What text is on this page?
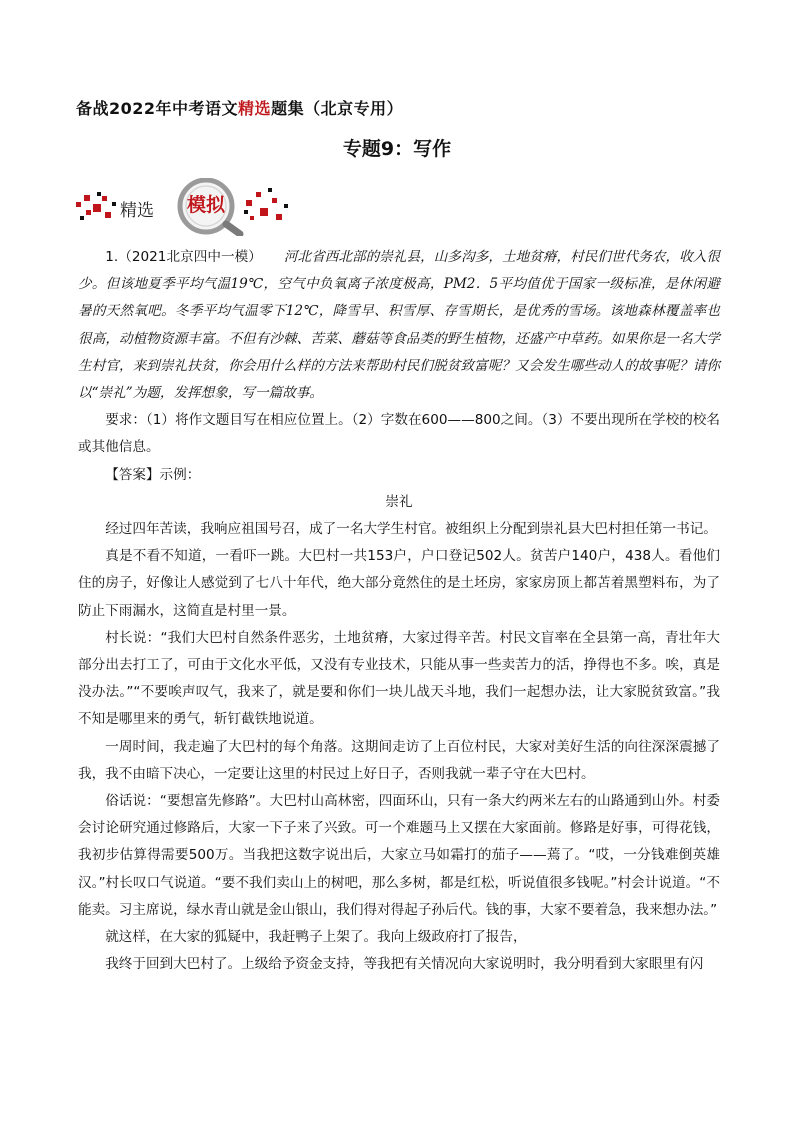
备战2022年中考语文精选题集（北京专用）
专题9：写作
精选	模拟

1.（2021北京四中一模） 河北省西北部的崇礼县，山多沟多，土地贫瘠，村民们世代务农，收入很少。但该地夏季平均气温19℃，空气中负氧离子浓度极高，PM2．5平均值优于国家一级标准，是休闲避暑的天然氧吧。冬季平均气温零下12℃，降雪早、积雪厚、存雪期长，是优秀的雪场。该地森林覆盖率也很高，动植物资源丰富。不但有沙棘、苦菜、蘑菇等食品类的野生植物，还盛产中草药。如果你是一名大学生村官，来到崇礼扶贫，你会用什么样的方法来帮助村民们脱贫致富呢？又会发生哪些动人的故事呢？请你以“崇礼”为题，发挥想象，写一篇故事。

要求：（1）将作文题目写在相应位置上。（2）字数在600——800之间。（3）不要出现所在学校的校名或其他信息。

【答案】示例：

崇礼

经过四年苦读，我响应祖国号召，成了一名大学生村官。被组织上分配到崇礼县大巴村担任第一书记。

真是不看不知道，一看吓一跳。大巴村一共153户，户口登记502人。贫苦户140户，438人。看他们住的房子，好像让人感觉到了七八十年代，绝大部分竟然住的是土坯房，家家房顶上都苫着黑塑料布，为了防止下雨漏水，这简直是村里一景。

村长说：“我们大巴村自然条件恶劣，土地贫瘠，大家过得辛苦。村民文盲率在全县第一高，青壮年大部分出去打工了，可由于文化水平低，又没有专业技术，只能从事一些卖苦力的活，挣得也不多。唉，真是没办法。”“不要唉声叹气，我来了，就是要和你们一块儿战天斗地，我们一起想办法，让大家脱贫致富。”我不知是哪里来的勇气，斩钉截铁地说道。

一周时间，我走遍了大巴村的每个角落。这期间走访了上百位村民，大家对美好生活的向往深深震撼了我，我不由暗下决心，一定要让这里的村民过上好日子，否则我就一辈子守在大巴村。

俗话说：“要想富先修路”。大巴村山高林密，四面环山，只有一条大约两米左右的山路通到山外。村委会讨论研究通过修路后，大家一下子来了兴致。可一个难题马上又摆在大家面前。修路是好事，可得花钱，我初步估算得需要500万。当我把这数字说出后，大家立马如霜打的茄子——蔫了。“哎，一分钱难倒英雄汉。”村长叹口气说道。“要不我们卖山上的树吧，那么多树，都是红松，听说值很多钱呢。”村会计说道。“不能卖。习主席说，绿水青山就是金山银山，我们得对得起子孙后代。钱的事，大家不要着急，我来想办法。”

就这样，在大家的狐疑中，我赶鸭子上架了。我向上级政府打了报告，

我终于回到大巴村了。上级给予资金支持，等我把有关情况向大家说明时，我分明看到大家眼里有闪
